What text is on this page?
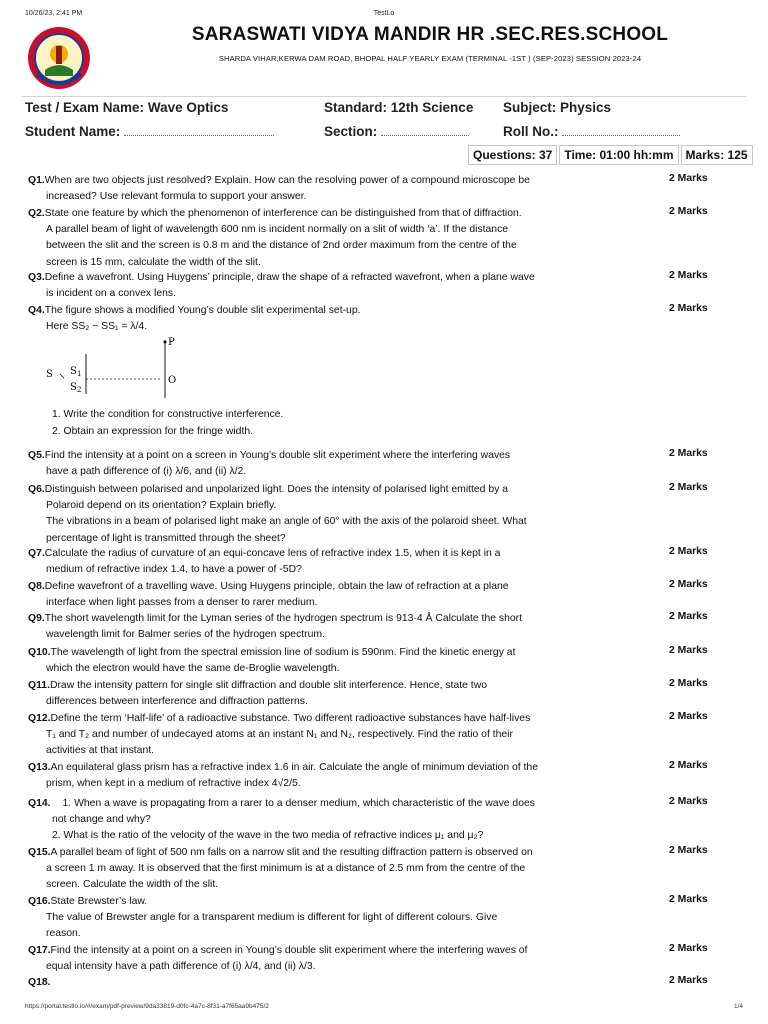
10/26/23, 2:41 PM	TestLo
SARASWATI VIDYA MANDIR HR .SEC.RES.SCHOOL
SHARDA VIHAR,KERWA DAM ROAD, BHOPAL HALF YEARLY EXAM (TERMINAL -1ST ) (SEP-2023) SESSION 2023-24
Test / Exam Name: Wave Optics	Standard: 12th Science Subject: Physics
Student Name:	Section:	Roll No.:
Questions: 37	Time: 01:00 hh:mm	Marks: 125
Q1.When are two objects just resolved? Explain. How can the resolving power of a compound microscope be
increased? Use relevant formula to support your answer.
2 Marks
Q2.State one feature by which the phenomenon of interference can be distinguished from that of diffraction.
A parallel beam of light of wavelength 600 nm is incident normally on a slit of width ‘a’. If the distance
between the slit and the screen is 0.8 m and the distance of 2nd order maximum from the centre of the
screen is 15 mm, calculate the width of the slit.
2 Marks
Q3.Define a wavefront. Using Huygens’ principle, draw the shape of a refracted wavefront, when a plane wave
is incident on a convex lens.
2 Marks
Q4.The figure shows a modified Young’s double slit experimental set-up.
Here SS₂ − SS₁ = λ/4.
1. Write the condition for constructive interference.
2. Obtain an expression for the fringe width.
2 Marks
Q5.Find the intensity at a point on a screen in Young’s double slit experiment where the interfering waves
have a path difference of (i) λ/6, and (ii) λ/2.
2 Marks
Q6.Distinguish between polarised and unpolarized light. Does the intensity of polarised light emitted by a
Polaroid depend on its orientation? Explain briefly.
The vibrations in a beam of polarised light make an angle of 60° with the axis of the polaroid sheet. What
percentage of light is transmitted through the sheet?
2 Marks
Q7.Calculate the radius of curvature of an equi-concave lens of refractive index 1.5, when it is kept in a
medium of refractive index 1.4, to have a power of -5D?
2 Marks
Q8.Define wavefront of a travelling wave. Using Huygens principle, obtain the law of refraction at a plane
interface when light passes from a denser to rarer medium.
2 Marks
Q9.The short wavelength limit for the Lyman series of the hydrogen spectrum is 913·4 Å Calculate the short
wavelength limit for Balmer series of the hydrogen spectrum.
2 Marks
Q10.The wavelength of light from the spectral emission line of sodium is 590nm. Find the kinetic energy at
which the electron would have the same de-Broglie wavelength.
2 Marks
Q11.Draw the intensity pattern for single slit diffraction and double slit interference. Hence, state two
differences between interference and diffraction patterns.
2 Marks
Q12.Define the term ‘Half-life’ of a radioactive substance. Two different radioactive substances have half-lives
T₁ and T₂ and number of undecayed atoms at an instant N₁ and N₂, respectively. Find the ratio of their
activities at that instant.
2 Marks
Q13.An equilateral glass prism has a refractive index 1.6 in air. Calculate the angle of minimum deviation of the
prism, when kept in a medium of refractive index 4√2/5.
2 Marks
Q14. 1. When a wave is propagating from a rarer to a denser medium, which characteristic of the wave does
not change and why?
2. What is the ratio of the velocity of the wave in the two media of refractive indices μ₁ and μ₂?
2 Marks
Q15.A parallel beam of light of 500 nm falls on a narrow slit and the resulting diffraction pattern is observed on
a screen 1 m away. It is observed that the first minimum is at a distance of 2.5 mm from the centre of the
screen. Calculate the width of the slit.
2 Marks
Q16.State Brewster’s law.
The value of Brewster angle for a transparent medium is different for light of different colours. Give
reason.
2 Marks
Q17.Find the intensity at a point on a screen in Young’s double slit experiment where the interfering waves of
equal intensity have a path difference of (i) λ/4, and (ii) λ/3.
2 Marks
Q18.	2 Marks
P
O
S S 1
S 2
https://portal.testlo.io/#/exam/pdf-preview/9da33819-d0fc-4a7c-8f31-a7f65aa9b475/2	1/4
